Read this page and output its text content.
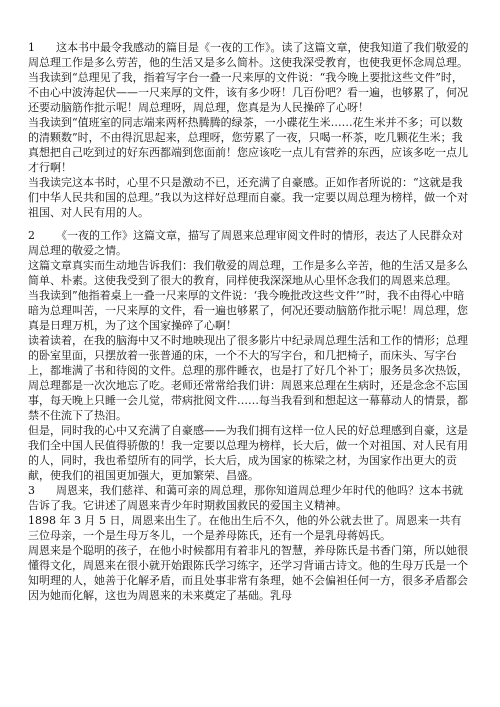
1 这本书中最令我感动的篇目是《一夜的工作》。读了这篇文章，使我知道了我们敬爱的周总理工作是多么劳苦，他的生活又是多么简朴。这使我深受教育，也使我更怀念周总理。

当我读到“总理见了我，指着写字台一叠一尺来厚的文件说：“我今晚上要批这些文件”时，不由心中波涛起伏——一尺来厚的文件，该有多少呀！几百份吧？看一遍，也够累了，何况还要动脑筋作批示呢！周总理呀，周总理，您真是为人民操碎了心呀！

当我读到“值班室的同志端来两杯热腾腾的绿茶，一小碟花生米……花生米并不多；可以数的清颗数”时，不由得沉思起来，总理呀，您劳累了一夜，只喝一杯茶，吃几颗花生米；我真想把自己吃到过的好东西都端到您面前！您应该吃一点儿有营养的东西，应该多吃一点儿才行啊！

当我读完这本书时，心里不只是激动不已，还充满了自豪感。正如作者所说的：“这就是我们中华人民共和国的总理。”我以为这样好总理而自豪。我一定要以周总理为榜样，做一个对祖国、对人民有用的人。

2 《一夜的工作》这篇文章，描写了周恩来总理审阅文件时的情形，表达了人民群众对周总理的敬爱之情。

这篇文章真实而生动地告诉我们：我们敬爱的周总理，工作是多么辛苦，他的生活又是多么简单、朴素。这使我受到了很大的教育，同样使我深深地从心里怀念我们的周恩来总理。

当我读到”他指着桌上一叠一尺来厚的文件说：‘我今晚批改这些文件’”时，我不由得心中暗暗为总理叫苦，一尺来厚的文件，看一遍也够累了，何况还要动脑筋作批示呢！周总理，您真是日理万机，为了这个国家操碎了心啊！

读着读着，在我的脑海中又不时地映现出了很多影片中纪录周总理生活和工作的情形；总理的卧室里面，只摆放着一张普通的床，一个不大的写字台，和几把椅子，而床头、写字台上，都堆满了书和待阅的文件。总理的那件睡衣，也是打了好几个补丁；服务员多次热饭，周总理都是一次次地忘了吃。老师还常常给我们讲：周恩来总理在生病时，还是念念不忘国事，每天晚上只睡一会儿觉，带病批阅文件……每当我看到和想起这一幕幕动人的情景，都禁不住流下了热泪。

但是，同时我的心中又充满了自豪感——为我们拥有这样一位人民的好总理感到自豪，这是我们全中国人民值得骄傲的！我一定要以总理为榜样，长大后，做一个对祖国、对人民有用的人，同时，我也希望所有的同学，长大后，成为国家的栋梁之材，为国家作出更大的贡献，使我们的祖国更加强大，更加繁荣、昌盛。

3 周恩来，我们慈祥、和蔼可亲的周总理，那你知道周总理少年时代的他吗？这本书就告诉了我。它讲述了周恩来青少年时期救国救民的爱国主义精神。

1898 年 3 月 5 日，周恩来出生了。在他出生后不久，他的外公就去世了。周恩来一共有三位母亲，一个是生母万冬儿，一个是养母陈氏，还有一个是乳母蒋妈氏。

周恩来是个聪明的孩子，在他小时候都用有着非凡的智慧，养母陈氏是书香门第，所以她很懂得文化，周恩来在很小就开始跟陈氏学习练字，还学习背诵古诗文。他的生母万氏是一个知明理的人，她善于化解矛盾，而且处事非常有条理，她不会偏袒任何一方，很多矛盾都会因为她而化解，这也为周恩来的未来奠定了基础。乳母
